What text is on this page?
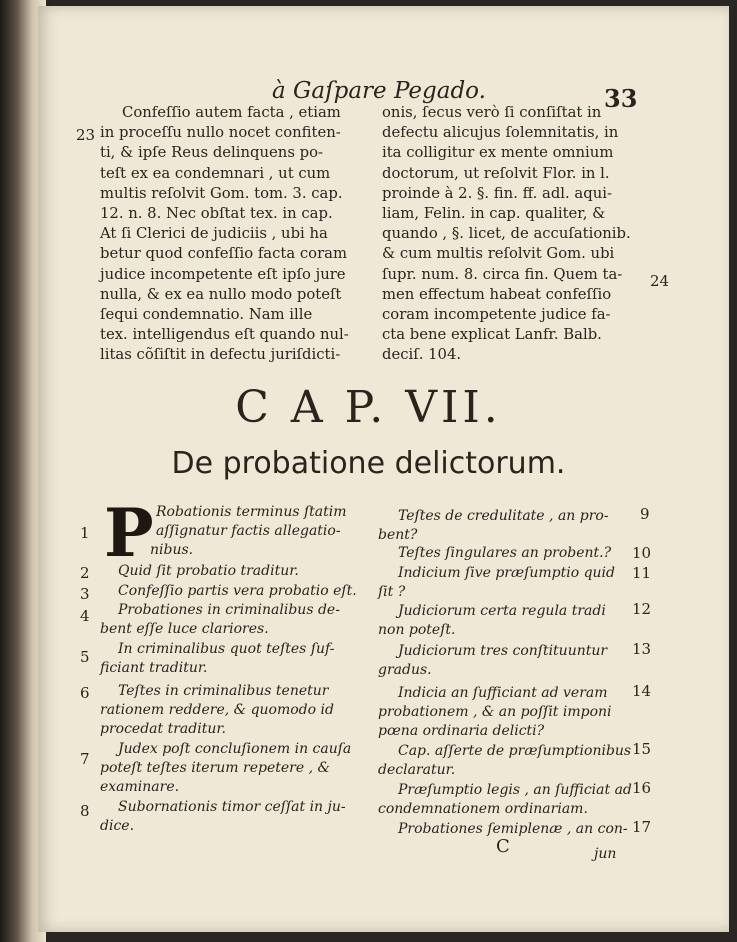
à Gaſpare Pegado.	33
Confeſſio autem facta , etiam
in proceſſu nullo nocet confiten-
ti, & ipſe Reus delinquens po-
teſt ex ea condemnari , ut cum
multis reſolvit Gom. tom. 3. cap.
12. n. 8. Nec obſtat tex. in cap.
At ſi Clerici de judiciis , ubi ha
betur quod confeſſio facta coram
judice incompetente eſt ipſo jure
nulla, & ex ea nullo modo poteſt
ſequi condemnatio. Nam ille
tex. intelligendus eſt quando nul-
litas cõſiſtit in defectu juriſdicti-
onis, ſecus verò ſi conſiſtat in
defectu alicujus ſolemnitatis, in
ita colligitur ex mente omnium
doctorum, ut reſolvit Flor. in l.
proinde à 2. §. fin. ff. adl. aqui-
liam, Felin. in cap. qualiter, &
quando , §. licet, de accuſationib.
& cum multis reſolvit Gom. ubi
ſupr. num. 8. circa fin. Quem ta-
men effectum habeat confeſſio
coram incompetente judice fa-
cta bene explicat Lanfr. Balb.
deciſ. 104.
23
24
C A P. VII.
De probatione delictorum.
P
1
Robationis terminus ſtatim
aſſignatur factis allegatio-
nibus.
2 Quid ſit probatio traditur.
3 Confeſſio partis vera probatio eſt.
4 Probationes in criminalibus de-
bent eſſe luce clariores.
5 In criminalibus quot teſtes ſuf-
ficiant traditur.
6 Teſtes in criminalibus tenetur
rationem reddere, & quomodo id
procedat traditur.
7
Judex poſt concluſionem in cauſa
poteſt teſtes iterum repetere , &
examinare.
8 Subornationis timor ceſſat in ju-
dice.
Teſtes de credulitate , an pro-
bent?
9
Teſtes ſingulares an probent.? 10
Indicium ſive præſumptio quid
ſit ?
11
Judiciorum certa regula tradi
non poteſt.
12
Judiciorum tres conſtituuntur
gradus.
13
Indicia an ſufficiant ad veram
probationem , & an poſſit imponi
pœna ordinaria delicti?
14
Cap. aſſerte de præſumptionibus
declaratur.
15
Præſumptio legis , an ſufficiat ad
condemnationem ordinariam.
16
Probationes ſemiplenæ , an con- 17
C	jun
